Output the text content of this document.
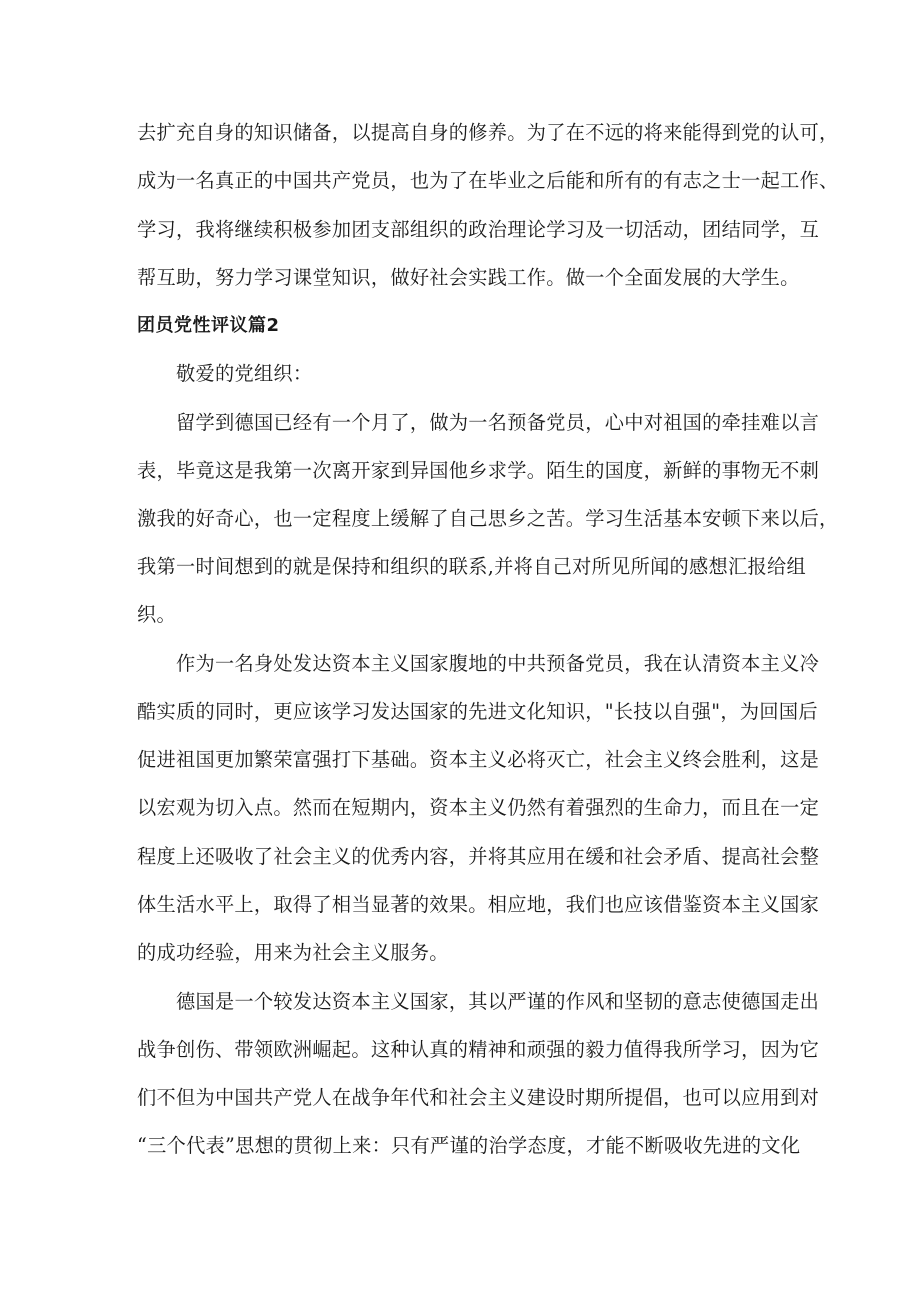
去扩充自身的知识储备，以提高自身的修养。为了在不远的将来能得到党的认可，
成为一名真正的中国共产党员，也为了在毕业之后能和所有的有志之士一起工作、
学习，我将继续积极参加团支部组织的政治理论学习及一切活动，团结同学，互
帮互助，努力学习课堂知识，做好社会实践工作。做一个全面发展的大学生。
团员党性评议篇2
敬爱的党组织：
留学到德国已经有一个月了，做为一名预备党员，心中对祖国的牵挂难以言
表，毕竟这是我第一次离开家到异国他乡求学。陌生的国度，新鲜的事物无不刺
激我的好奇心，也一定程度上缓解了自己思乡之苦。学习生活基本安顿下来以后，
我第一时间想到的就是保持和组织的联系,并将自己对所见所闻的感想汇报给组
织。
作为一名身处发达资本主义国家腹地的中共预备党员，我在认清资本主义冷
酷实质的同时，更应该学习发达国家的先进文化知识，"长技以自强"，为回国后
促进祖国更加繁荣富强打下基础。资本主义必将灭亡，社会主义终会胜利，这是
以宏观为切入点。然而在短期内，资本主义仍然有着强烈的生命力，而且在一定
程度上还吸收了社会主义的优秀内容，并将其应用在缓和社会矛盾、提高社会整
体生活水平上，取得了相当显著的效果。相应地，我们也应该借鉴资本主义国家
的成功经验，用来为社会主义服务。
德国是一个较发达资本主义国家，其以严谨的作风和坚韧的意志使德国走出
战争创伤、带领欧洲崛起。这种认真的精神和顽强的毅力值得我所学习，因为它
们不但为中国共产党人在战争年代和社会主义建设时期所提倡，也可以应用到对
“三个代表”思想的贯彻上来：只有严谨的治学态度，才能不断吸收先进的文化
